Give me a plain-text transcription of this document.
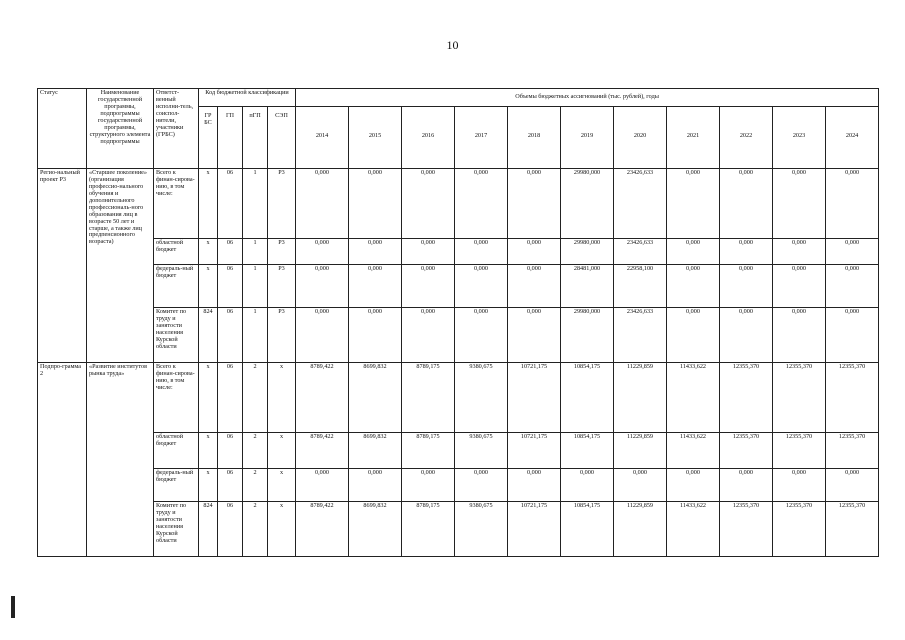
10
Статус	Наименование государственной программы, подпрограммы государственной программы, структурного элемента подпрограммы	Ответст-венный исполни-тель, соиспол-нители, участники (ГРБС)	Код бюджетной классификации				Объемы бюджетных ассигнований (тыс. рублей), годы										
			ГР БС	ГП	пГП	СЭП	2014	2015	2016	2017	2018	2019	2020	2021	2022	2023	2024
Регио-нальный проект Р3	«Старшее поколение» (организация профессио-нального обучения и дополнительного профессиональ-ного образования лиц в возрасте 50 лет и старше, а также лиц предпенсионного возраста)	Всего к финан-сирова-нию, в том числе:	х	06	1	Р3	0,000	0,000	0,000	0,000	0,000	29980,000	23426,633	0,000	0,000	0,000	0,000
		областной бюджет	х	06	1	Р3	0,000	0,000	0,000	0,000	0,000	29980,000	23426,633	0,000	0,000	0,000	0,000
		федераль-ный бюджет	х	06	1	Р3	0,000	0,000	0,000	0,000	0,000	28481,000	22958,100	0,000	0,000	0,000	0,000
		Комитет по труду и занятости населения Курской области	824	06	1	Р3	0,000	0,000	0,000	0,000	0,000	29980,000	23426,633	0,000	0,000	0,000	0,000
Подпро-грамма 2	«Развитие институтов рынка труда»	Всего к финан-сирова-нию, в том числе:	х	06	2	х	8789,422	8699,832	8789,175	9380,675	10721,175	10854,175	11229,859	11433,622	12355,370	12355,370	12355,370
		областной бюджет	х	06	2	х	8789,422	8699,832	8789,175	9380,675	10721,175	10854,175	11229,859	11433,622	12355,370	12355,370	12355,370
		федераль-ный бюджет	х	06	2	х	0,000	0,000	0,000	0,000	0,000	0,000	0,000	0,000	0,000	0,000	0,000
		Комитет по труду и занятости населения Курской области	824	06	2	х	8789,422	8699,832	8789,175	9380,675	10721,175	10854,175	11229,859	11433,622	12355,370	12355,370	12355,370
